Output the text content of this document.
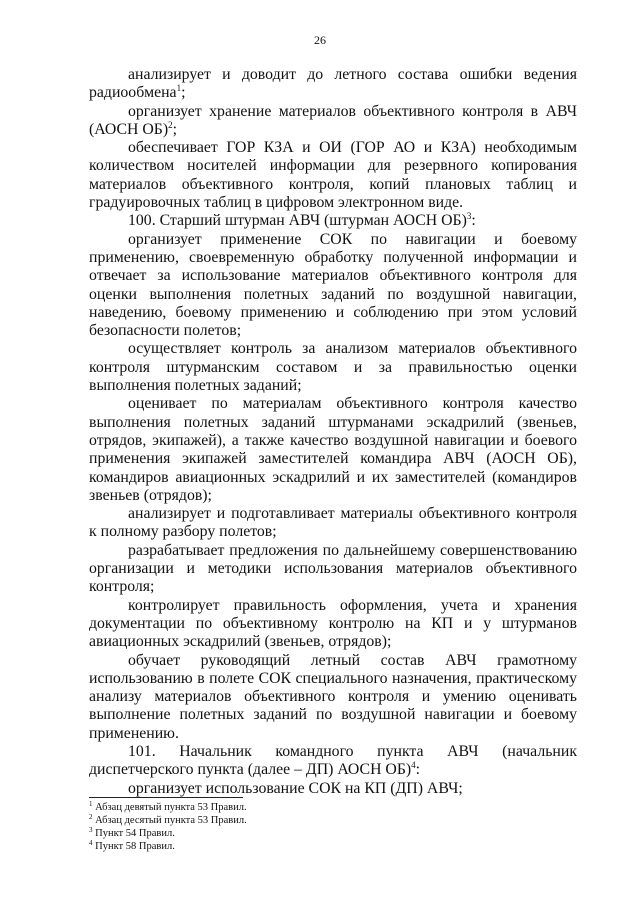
26

анализирует и доводит до летного состава ошибки ведения радиообмена$^1$;

организует хранение материалов объективного контроля в АВЧ (АОСН ОБ)$^2$;

обеспечивает ГОР КЗА и ОИ (ГОР АО и КЗА) необходимым количеством носителей информации для резервного копирования материалов объективного контроля, копий плановых таблиц и градуировочных таблиц в цифровом электронном виде.

100. Старший штурман АВЧ (штурман АОСН ОБ)$^3$:

организует применение СОК по навигации и боевому применению, своевременную обработку полученной информации и отвечает за использование материалов объективного контроля для оценки выполнения полетных заданий по воздушной навигации, наведению, боевому применению и соблюдению при этом условий безопасности полетов;

осуществляет контроль за анализом материалов объективного контроля штурманским составом и за правильностью оценки выполнения полетных заданий;

оценивает по материалам объективного контроля качество выполнения полетных заданий штурманами эскадрилий (звеньев, отрядов, экипажей), а также качество воздушной навигации и боевого применения экипажей заместителей командира АВЧ (АОСН ОБ), командиров авиационных эскадрилий и их заместителей (командиров звеньев (отрядов);

анализирует и подготавливает материалы объективного контроля к полному разбору полетов;

разрабатывает предложения по дальнейшему совершенствованию организации и методики использования материалов объективного контроля;

контролирует правильность оформления, учета и хранения документации по объективному контролю на КП и у штурманов авиационных эскадрилий (звеньев, отрядов);

обучает руководящий летный состав АВЧ грамотному использованию в полете СОК специального назначения, практическому анализу материалов объективного контроля и умению оценивать выполнение полетных заданий по воздушной навигации и боевому применению.

101. Начальник командного пункта АВЧ (начальник диспетчерского пункта (далее – ДП) АОСН ОБ)$^4$:

организует использование СОК на КП (ДП) АВЧ;

$^1$ Абзац девятый пункта 53 Правил.

$^2$ Абзац десятый пункта 53 Правил.

$^3$ Пункт 54 Правил.

$^4$ Пункт 58 Правил.
